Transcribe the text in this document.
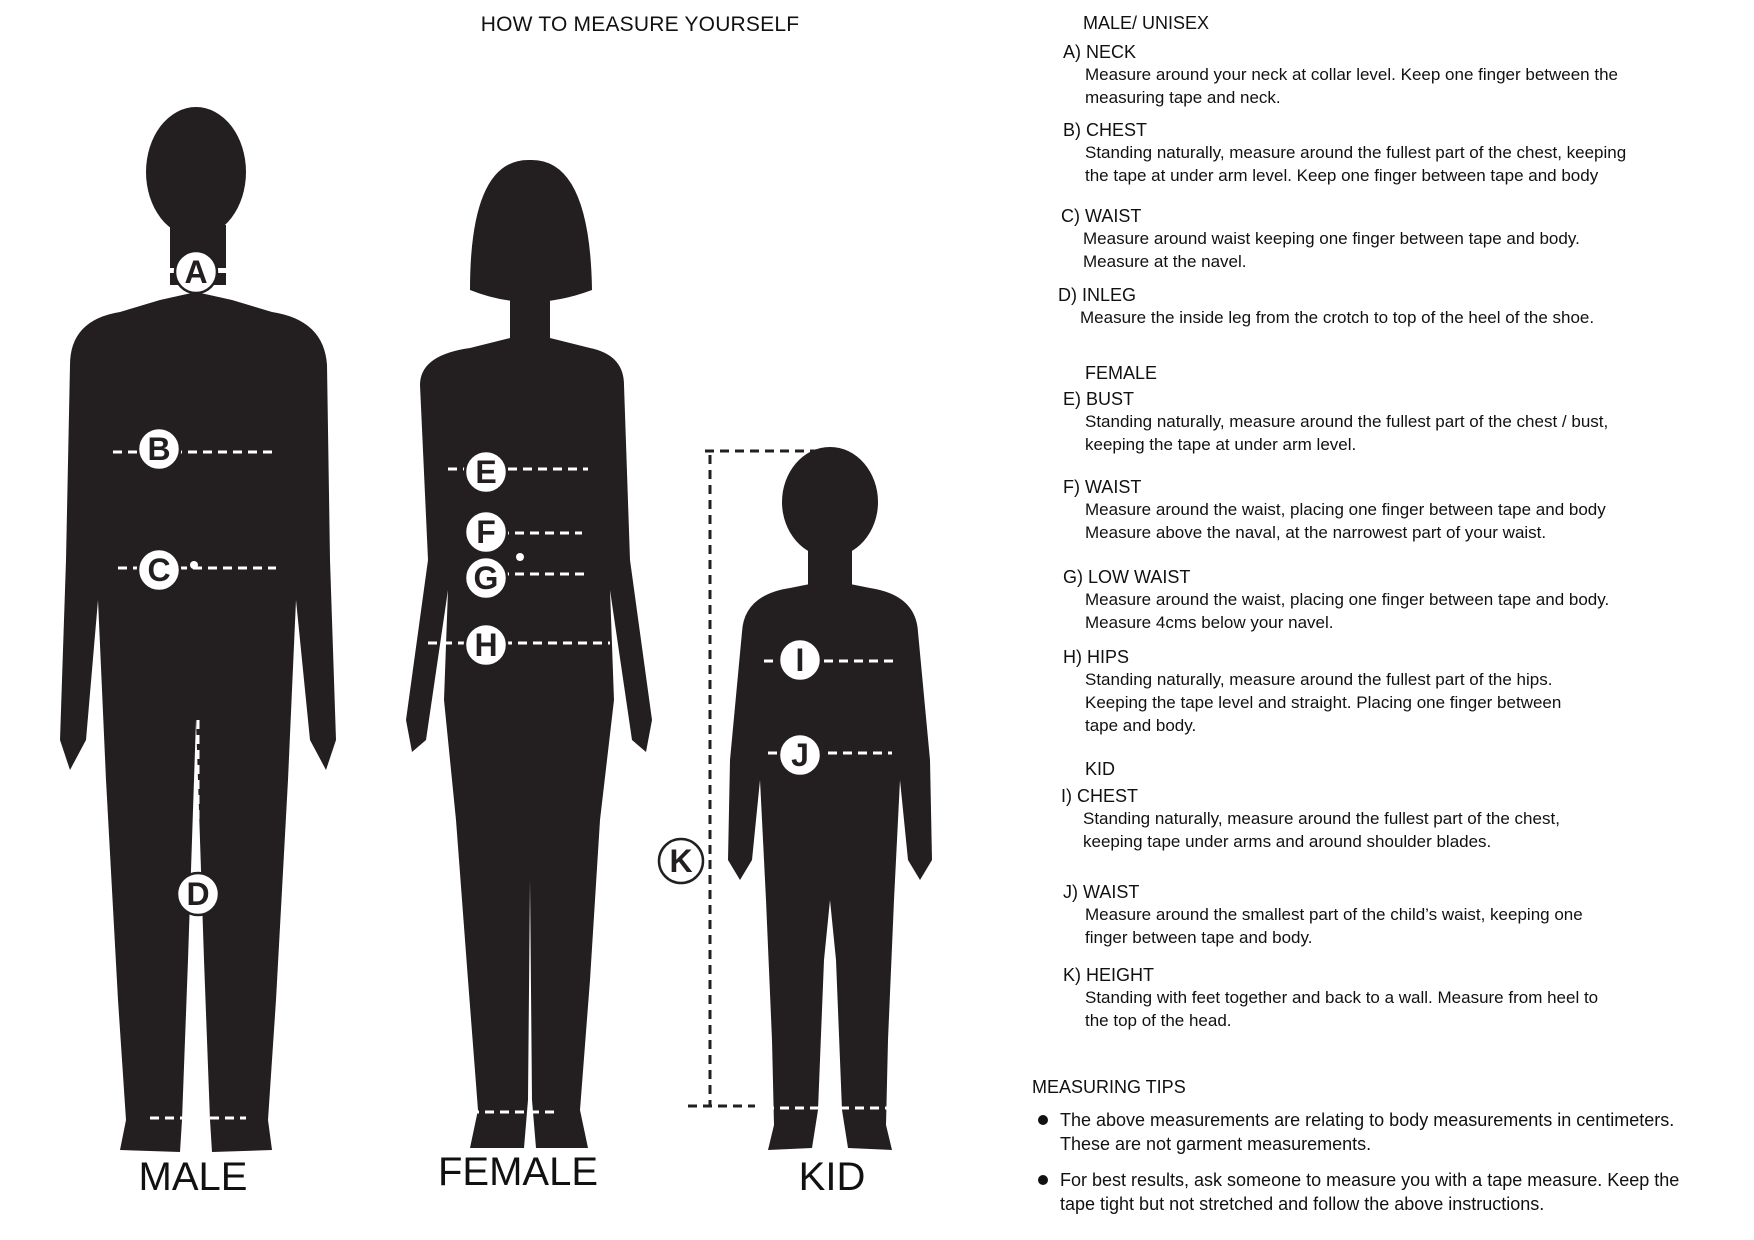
A
B
C
D
E
F
G
H	I
J
K
HOW TO MEASURE YOURSELF
MALE	FEMALE	KID
MALE/ UNISEX
A) NECK
Measure around your neck at collar level. Keep one finger between the
measuring tape and neck.
B) CHEST
Standing naturally, measure around the fullest part of the chest, keeping
the tape at under arm level. Keep one finger between tape and body
C) WAIST
Measure around waist keeping one finger between tape and body.
Measure at the navel.
D) INLEG
Measure the inside leg from the crotch to top of the heel of the shoe.
FEMALE
E) BUST
Standing naturally, measure around the fullest part of the chest / bust,
keeping the tape at under arm level.
F) WAIST
Measure around the waist, placing one finger between tape and body
Measure above the naval, at the narrowest part of your waist.
G) LOW WAIST
Measure around the waist, placing one finger between tape and body.
Measure 4cms below your navel.
H) HIPS
Standing naturally, measure around the fullest part of the hips.
Keeping the tape level and straight. Placing one finger between
tape and body.
KID
I) CHEST
Standing naturally, measure around the fullest part of the chest,
keeping tape under arms and around shoulder blades.
J) WAIST
Measure around the smallest part of the child’s waist, keeping one
finger between tape and body.
K) HEIGHT
Standing with feet together and back to a wall. Measure from heel to
the top of the head.
MEASURING TIPS
The above measurements are relating to body measurements in centimeters.
These are not garment measurements.
For best results, ask someone to measure you with a tape measure. Keep the
tape tight but not stretched and follow the above instructions.
